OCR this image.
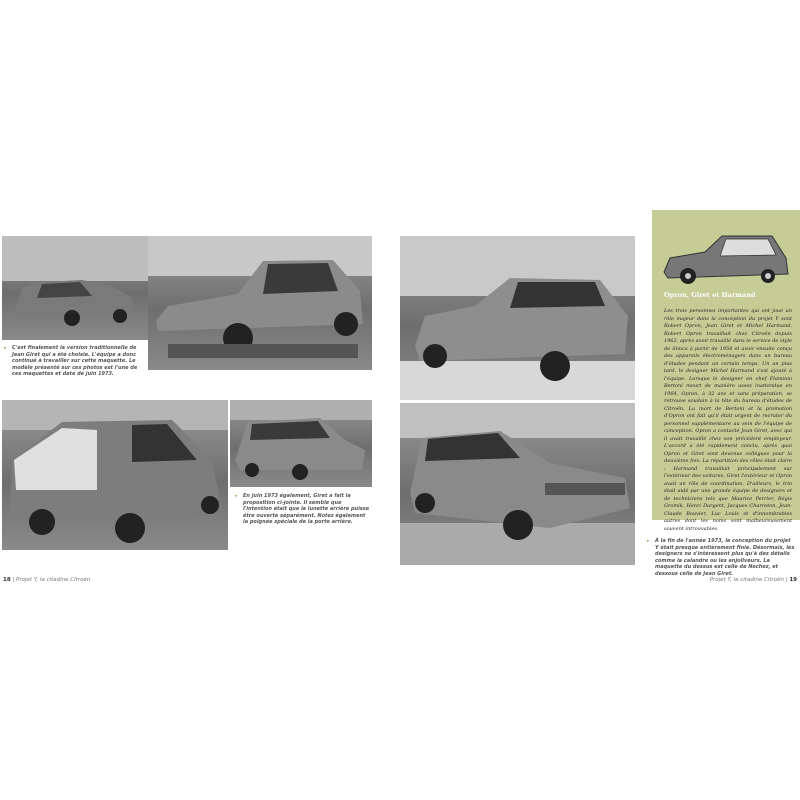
▸ C'est finalement la version traditionnelle de Jean Giret qui a été choisie. L'équipe a donc continué à travailler sur cette maquette. Le modèle présenté sur ces photos est l'une de ces maquettes et date de juin 1973.
▸ En juin 1973 également, Giret a fait la proposition ci-jointe. Il semble que l'intention était que la lunette arrière puisse être ouverte séparément. Notez également la poignée spéciale de la porte arrière.
Opron, Giret et Harmand

Les trois personnes importantes qui ont joué un rôle majeur dans la conception du projet Y sont Robert Opron, Jean Giret et Michel Harmand. Robert Opron travaillait chez Citroën depuis 1962, après avoir travaillé dans le service de style de Simca à partir de 1958 et avoir ensuite conçu des appareils électroménagers dans un bureau d'études pendant un certain temps. Un an plus tard, le designer Michel Harmand s'est ajouté à l'équipe. Lorsque le designer en chef Flaminio Bertoni meurt de manière assez inattendue en 1964, Opron, à 32 ans et sans préparation, se retrouve soudain à la tête du bureau d'études de Citroën. La mort de Bertoni et la promotion d'Opron ont fait qu'il était urgent de recruter du personnel supplémentaire au sein de l'équipe de conception. Opron a contacté Jean Giret, avec qui il avait travaillé chez son précédent employeur. L'accord a été rapidement conclu, après quoi Opron et Giret sont devenus collègues pour la deuxième fois. La répartition des rôles était claire : Harmand travaillait principalement sur l'extérieur des voitures, Giret l'extérieur et Opron avait un rôle de coordination. D'ailleurs, le trio était aidé par une grande équipe de designers et de techniciens tels que Maurice Perrier, Régis Gromik, Henri Dargent, Jacques Charreton, Jean-Claude Bouvier, Luc Louis et d'innombrables autres dont les noms sont malheureusement souvent introuvables.

▸ À la fin de l'année 1973, la conception du projet Y était presque entièrement finie. Désormais, les designers ne s'intéressent plus qu'à des détails comme la calandre ou les enjoliveurs. La maquette du dessus est celle de Nechez, et dessous celle de Jean Giret.
18 | Projet Y, la citadine Citroën	Projet Y, la citadine Citroën | 19
